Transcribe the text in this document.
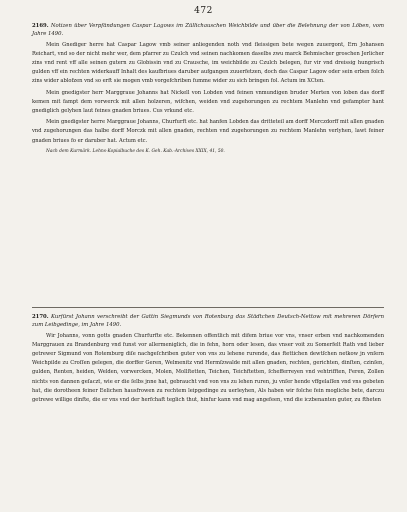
472

2169. Notizen über Verpfändungen Caspar Lagows im Züllichauschen Weichbilde und über die Belehnung der von Löben, vom Jahre 1490.

Mein Gnediger herre hat Caspar Lagow vmb seiner anliegenden noth vnd fleissigen bete wegen zuuergont, Ern Johansen Reichart, vnd so der nicht mehr wer, dem pfarrer zu Czulch vnd seinen nachkomen daselbs zwu marck Behmischer groschen Jerlicher zins vnd rent vff alle seinen gutern zu Globissin vnd zu Crausche, im weichbilde zu Czulch belegen, fur vir vnd dreissig hungrisch gulden vff ein rechten widerkauff Inhalt des kaufbriues daruber aufgangen zuuerfetzen, doch das Caspar Lagow oder sein erben folch zins wider ablofzen vnd so erft sie mogen vmb vorgefchriben fumme wider zu sich bringen fol. Actum im XCten.

Mein gnedigster herr Marggraue Johanns hat Nickell von Lobden vnd feinen vnmundigen bruder Merten von loben das dorff kemen mit fampt dem vorwerck mit allen holzeren, wifchen, weiden vnd zugehorungen zu rechtem Manlehn vnd gefampter hant gnediglich gelyhen laut feines gnaden briues. Cus vrkund etc.

Mein gnedigster herre Marggraue Johanns, Churfurft etc. hat hanfen Lobden das dritteteil am dorff Merczdorff mit allen gnaden vnd zugehorungen das halbe dorff Morczk mit allen gnaden, rechten vnd zugehorungen zu rechtem Manlehn verlyhen, lawt feiner gnaden briues fo er daruber hat. Actum etc.

Nach dem Kurmärk. Lehns-Kopialbuche des K. Geh. Kab.-Archives XXIX, 41, 50.

2170. Kurfürst Johann verschreibt der Gattin Siegmunds von Rotenburg das Städtchen Deutsch-Nettow mit mehreren Dörfern zum Leibgedinge, im Jahre 1490.

Wir Johanns, vonn gotts gnaden Churfurfte etc. Bekennen offentlich mit difem briue vor vns, vnser erben vnd nachkomenden Marggrauen zu Brandenburg vnd funst vor allermeniglich, die in fehn, horn oder lesen, das vnser voit zu Somerfelt Rath vnd lieber getrewer Sigmund von Rotemburg diſe nachgeſchriben guter von vns zu lehene rurende, das ftettichen dewtſchen netkow jn vnſern Weichpilde zu Croſſen gelegen, die dorffer Geren, Welmenitz vnd Hermſzwalde mit allen gnaden, rechten, gerichten, dinſten, czinſen, gulden, Renten, heiden, Welden, vorwercken, Molen, Mollſtetten, Teichen, Teichftetten, ſchefferreyen vnd vehtrifften, Feren, Zollen nichts von dannen geſaczt, wie er die ſelbs jnne hat, gebraucht vnd von vns zu lehen ruren, ju vnſer hende vffgelaſſen vnd vns gebeten hat, die dorotheen feiner Eelichen hausfrowen zu rechtem leipgedinge zu uerleyhen, Als haben wir folche fein mogliche bete, darczu getrewe willige dinfte, die er vns vnd der herfchaft teglich thut, hinfur kann vnd mag angefeen, vnd die iczbenanten guter, zu ftheten
